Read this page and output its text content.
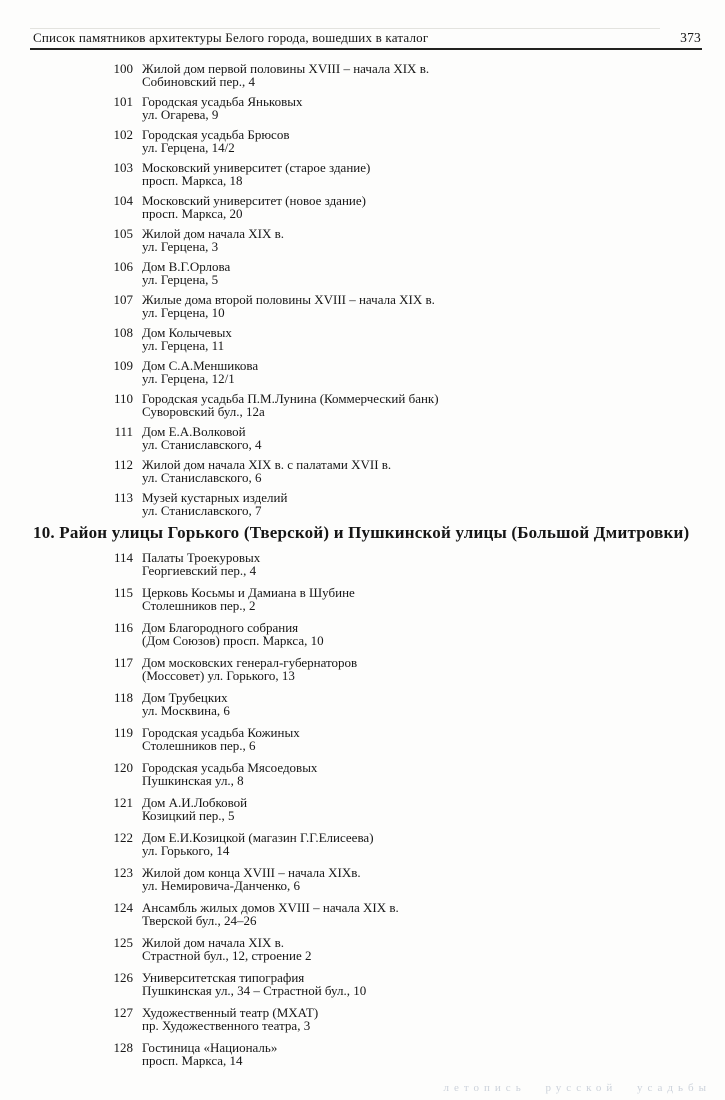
Список памятников архитектуры Белого города, вошедших в каталог	373
100 Жилой дом первой половины XVIII – начала XIX в.
Собиновский пер., 4
101 Городская усадьба Яньковых
ул. Огарева, 9
102 Городская усадьба Брюсов
ул. Герцена, 14/2
103 Московский университет (старое здание)
просп. Маркса, 18
104 Московский университет (новое здание)
просп. Маркса, 20
105 Жилой дом начала XIX в.
ул. Герцена, 3
106 Дом В.Г.Орлова
ул. Герцена, 5
107 Жилые дома второй половины XVIII – начала XIX в.
ул. Герцена, 10
108 Дом Колычевых
ул. Герцена, 11
109 Дом С.А.Меншикова
ул. Герцена, 12/1
110 Городская усадьба П.М.Лунина (Коммерческий банк)
Суворовский бул., 12а
111 Дом Е.А.Волковой
ул. Станиславского, 4
112 Жилой дом начала XIX в. с палатами XVII в.
ул. Станиславского, 6
113 Музей кустарных изделий
ул. Станиславского, 7
10. Район улицы Горького (Тверской) и Пушкинской улицы (Большой Дмитровки)
114 Палаты Троекуровых
Георгиевский пер., 4
115 Церковь Косьмы и Дамиана в Шубине
Столешников пер., 2
116 Дом Благородного собрания
(Дом Союзов) просп. Маркса, 10
117 Дом московских генерал-губернаторов
(Моссовет) ул. Горького, 13
118 Дом Трубецких
ул. Москвина, 6
119 Городская усадьба Кожиных
Столешников пер., 6
120 Городская усадьба Мясоедовых
Пушкинская ул., 8
121 Дом А.И.Лобковой
Козицкий пер., 5
122 Дом Е.И.Козицкой (магазин Г.Г.Елисеева)
ул. Горького, 14
123 Жилой дом конца XVIII – начала XIXв.
ул. Немировича-Данченко, 6
124 Ансамбль жилых домов XVIII – начала XIX в.
Тверской бул., 24–26
125 Жилой дом начала XIX в.
Страстной бул., 12, строение 2
126 Университетская типография
Пушкинская ул., 34 – Страстной бул., 10
127 Художественный театр (МХАТ)
пр. Художественного театра, 3
128 Гостиница «Националь»
просп. Маркса, 14
летопись русской усадьбы
